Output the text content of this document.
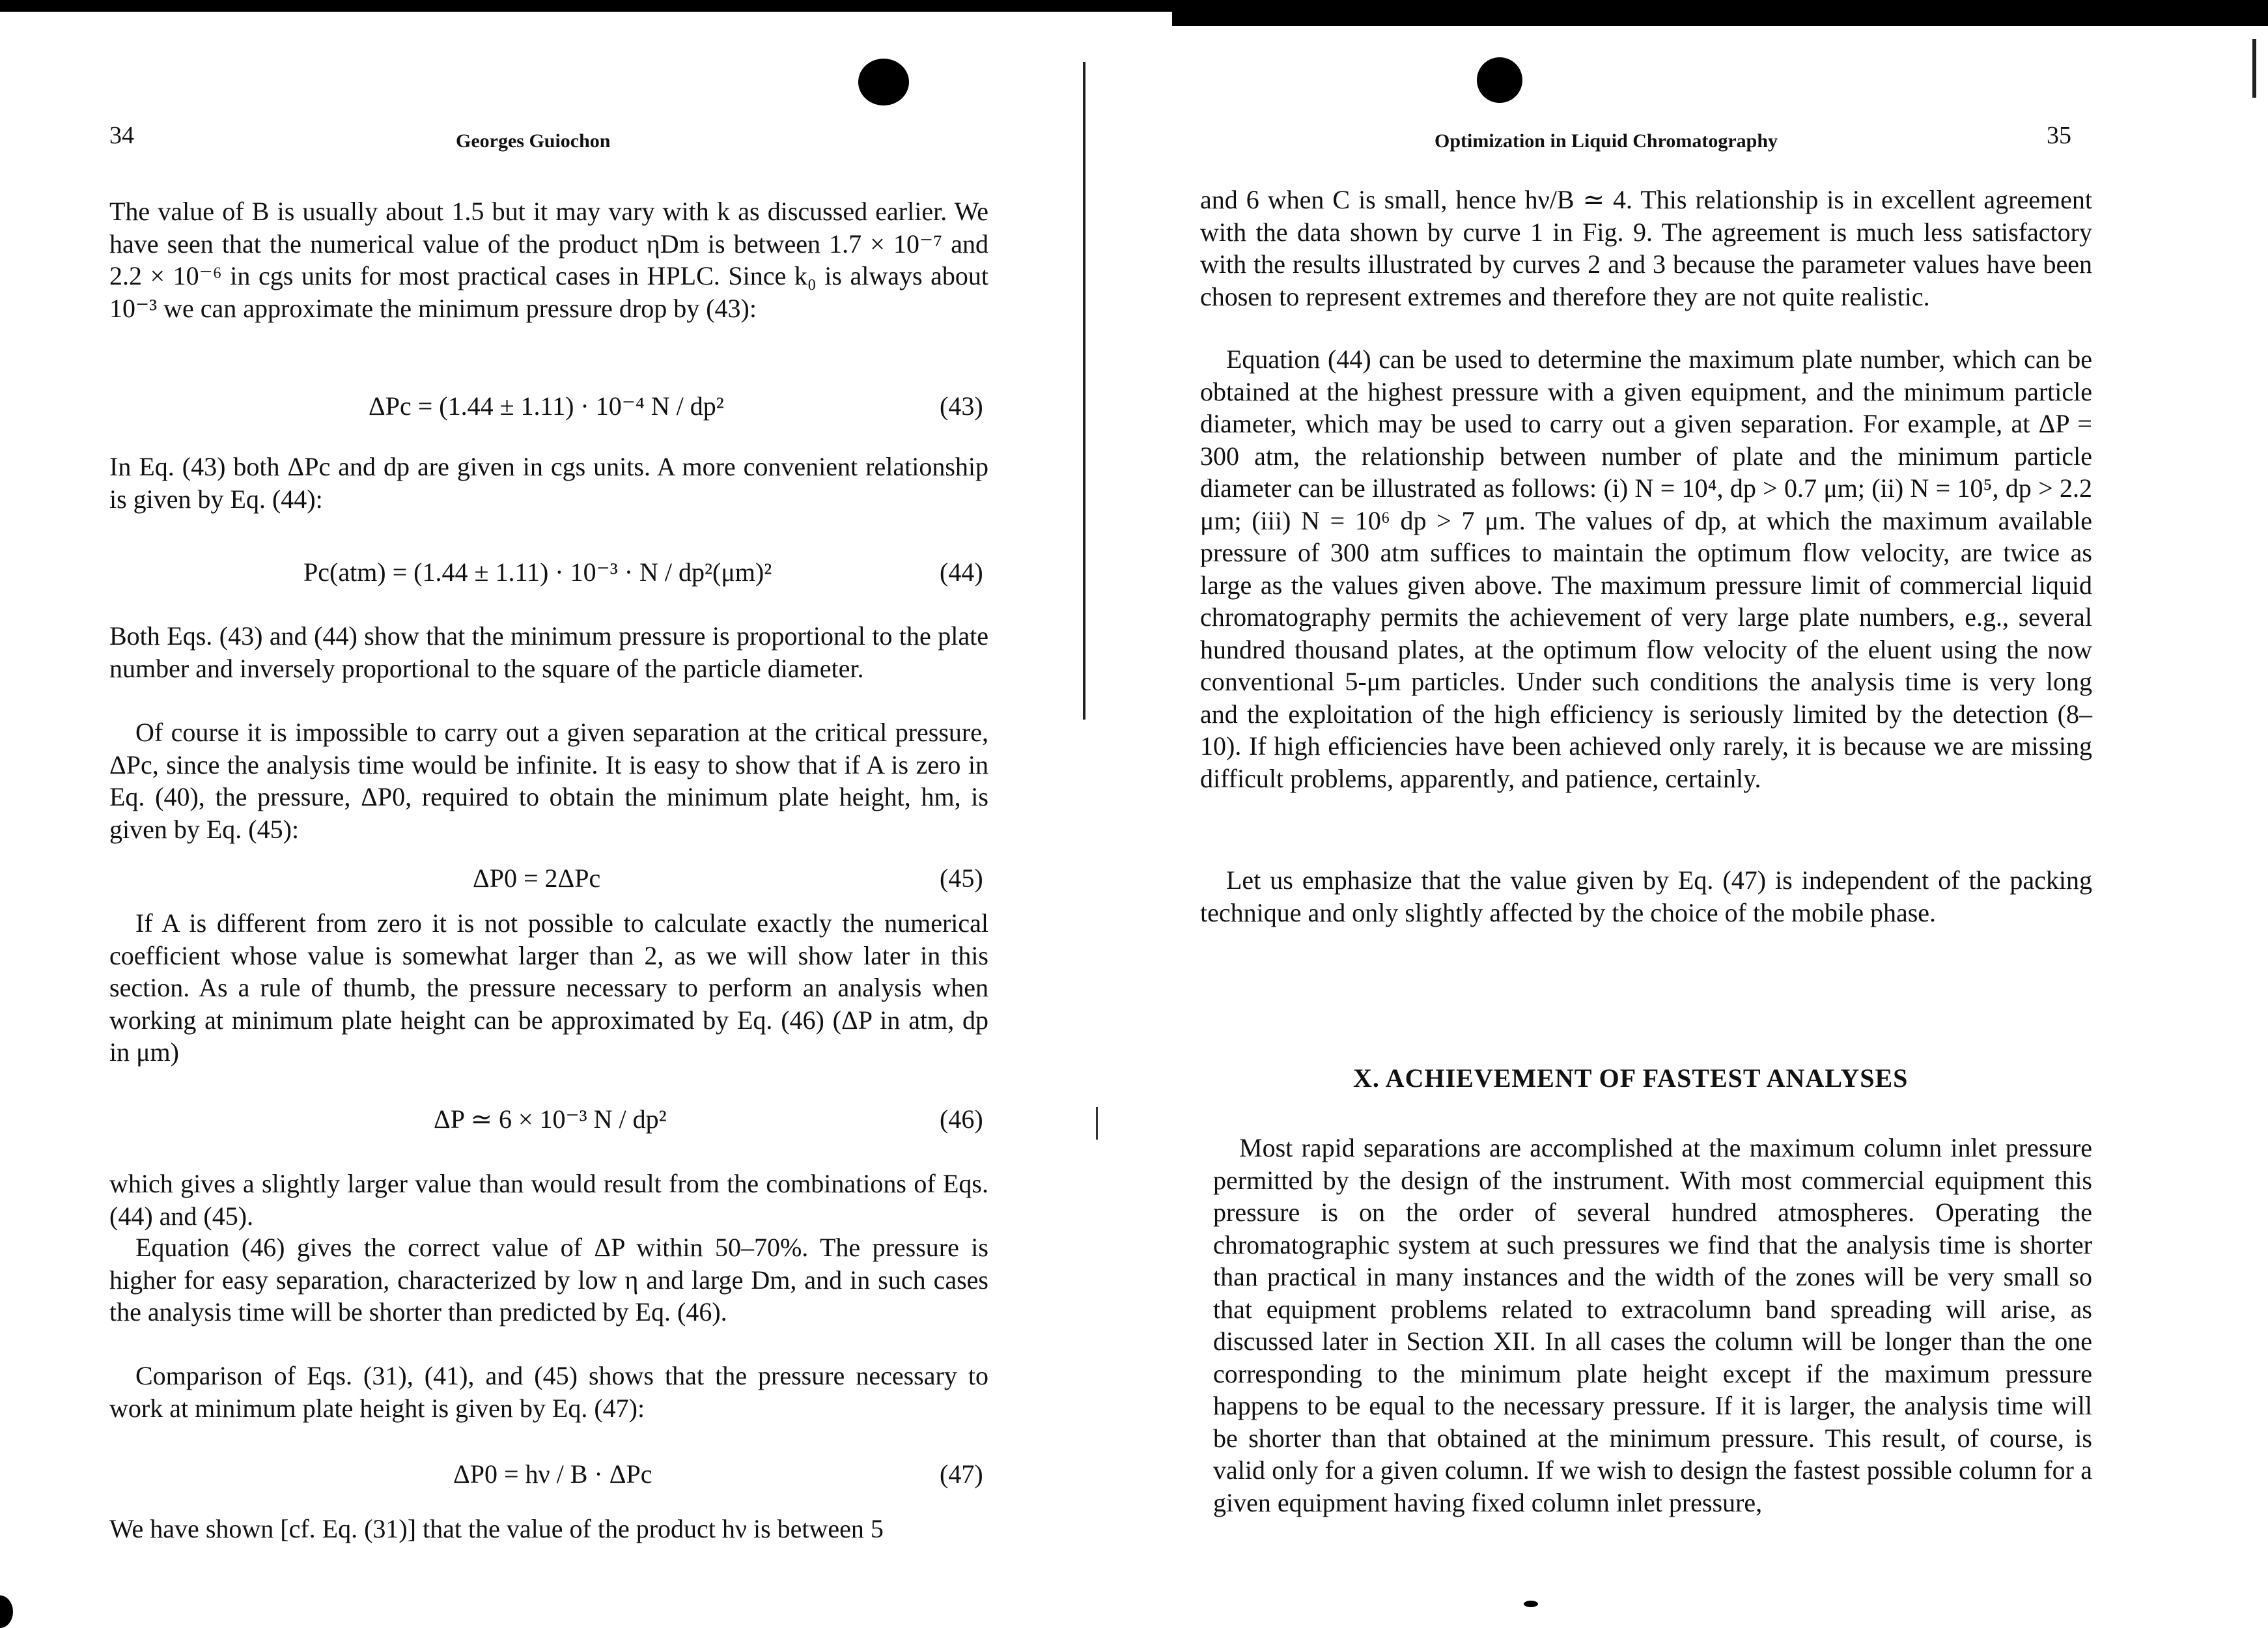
34	Georges Guiochon

The value of B is usually about 1.5 but it may vary with k as discussed earlier. We have seen that the numerical value of the product ηDm is between 1.7 × 10⁻⁷ and 2.2 × 10⁻⁶ in cgs units for most practical cases in HPLC. Since k₀ is always about 10⁻³ we can approximate the minimum pressure drop by (43):

ΔPc = (1.44 ± 1.11) · 10⁻⁴ N / dp²	(43)

In Eq. (43) both ΔPc and dp are given in cgs units. A more convenient relationship is given by Eq. (44):

Pc(atm) = (1.44 ± 1.11) · 10⁻³ · N / dp²(μm)²	(44)

Both Eqs. (43) and (44) show that the minimum pressure is proportional to the plate number and inversely proportional to the square of the particle diameter.

Of course it is impossible to carry out a given separation at the critical pressure, ΔPc, since the analysis time would be infinite. It is easy to show that if A is zero in Eq. (40), the pressure, ΔP0, required to obtain the minimum plate height, hm, is given by Eq. (45):

ΔP0 = 2ΔPc	(45)

If A is different from zero it is not possible to calculate exactly the numerical coefficient whose value is somewhat larger than 2, as we will show later in this section. As a rule of thumb, the pressure necessary to perform an analysis when working at minimum plate height can be approximated by Eq. (46) (ΔP in atm, dp in μm)

ΔP ≃ 6 × 10⁻³ N / dp²	(46)

which gives a slightly larger value than would result from the combinations of Eqs. (44) and (45).

Equation (46) gives the correct value of ΔP within 50–70%. The pressure is higher for easy separation, characterized by low η and large Dm, and in such cases the analysis time will be shorter than predicted by Eq. (46).

Comparison of Eqs. (31), (41), and (45) shows that the pressure necessary to work at minimum plate height is given by Eq. (47):

ΔP0 = hν / B · ΔPc	(47)

We have shown [cf. Eq. (31)] that the value of the product hν is between 5

Optimization in Liquid Chromatography	35

and 6 when C is small, hence hν/B ≃ 4. This relationship is in excellent agreement with the data shown by curve 1 in Fig. 9. The agreement is much less satisfactory with the results illustrated by curves 2 and 3 because the parameter values have been chosen to represent extremes and therefore they are not quite realistic.

Equation (44) can be used to determine the maximum plate number, which can be obtained at the highest pressure with a given equipment, and the minimum particle diameter, which may be used to carry out a given separation. For example, at ΔP = 300 atm, the relationship between number of plate and the minimum particle diameter can be illustrated as follows: (i) N = 10⁴, dp > 0.7 μm; (ii) N = 10⁵, dp > 2.2 μm; (iii) N = 10⁶ dp > 7 μm. The values of dp, at which the maximum available pressure of 300 atm suffices to maintain the optimum flow velocity, are twice as large as the values given above. The maximum pressure limit of commercial liquid chromatography permits the achievement of very large plate numbers, e.g., several hundred thousand plates, at the optimum flow velocity of the eluent using the now conventional 5-μm particles. Under such conditions the analysis time is very long and the exploitation of the high efficiency is seriously limited by the detection (8–10). If high efficiencies have been achieved only rarely, it is because we are missing difficult problems, apparently, and patience, certainly.

Let us emphasize that the value given by Eq. (47) is independent of the packing technique and only slightly affected by the choice of the mobile phase.

X. ACHIEVEMENT OF FASTEST ANALYSES

Most rapid separations are accomplished at the maximum column inlet pressure permitted by the design of the instrument. With most commercial equipment this pressure is on the order of several hundred atmospheres. Operating the chromatographic system at such pressures we find that the analysis time is shorter than practical in many instances and the width of the zones will be very small so that equipment problems related to extracolumn band spreading will arise, as discussed later in Section XII. In all cases the column will be longer than the one corresponding to the minimum plate height except if the maximum pressure happens to be equal to the necessary pressure. If it is larger, the analysis time will be shorter than that obtained at the minimum pressure. This result, of course, is valid only for a given column. If we wish to design the fastest possible column for a given equipment having fixed column inlet pressure,
